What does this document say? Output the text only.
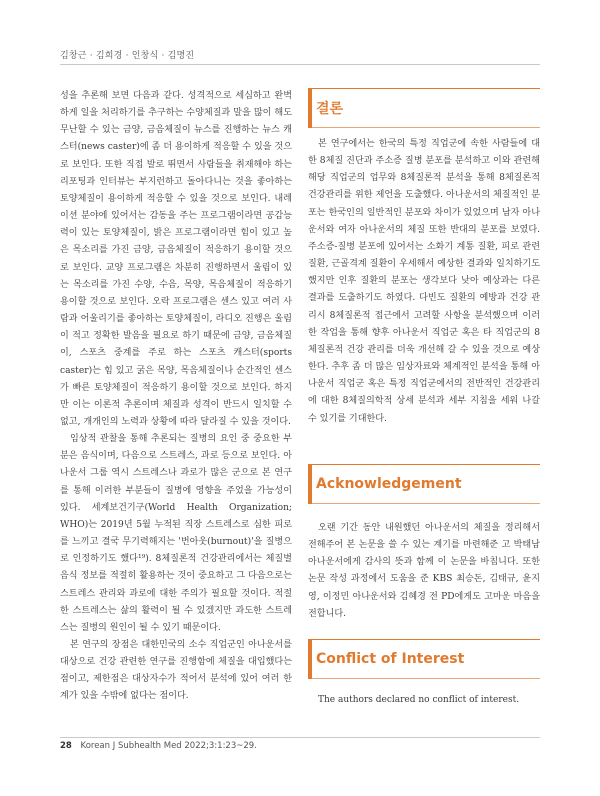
김창근 · 김희경 · 인창식 · 김명진

성을 추론해 보면 다음과 같다. 성격적으로 세심하고 완벽하게 일을 처리하기를 추구하는 수양체질과 말을 많이 해도 무난할 수 있는 금양, 금음체질이 뉴스를 진행하는 뉴스 캐스터(news caster)에 좀 더 용이하게 적응할 수 있을 것으로 보인다. 또한 직접 발로 뛰면서 사람들을 취재해야 하는 리포팅과 인터뷰는 부지런하고 돌아다니는 것을 좋아하는 토양체질이 용이하게 적응할 수 있을 것으로 보인다. 내레이션 분야에 있어서는 감동을 주는 프로그램이라면 공감능력이 있는 토양체질이, 밝은 프로그램이라면 힘이 있고 높은 목소리를 가진 금양, 금음체질이 적응하기 용이할 것으로 보인다. 교양 프로그램은 차분히 진행하면서 울림이 있는 목소리를 가진 수양, 수음, 목양, 목음체질이 적응하기 용이할 것으로 보인다. 오락 프로그램은 센스 있고 여러 사람과 어울리기를 좋아하는 토양체질이, 라디오 진행은 울림이 적고 정확한 발음을 필요로 하기 때문에 금양, 금음체질이, 스포츠 중계를 주로 하는 스포츠 캐스터(sports caster)는 힘 있고 굵은 목양, 목음체질이나 순간적인 센스가 빠른 토양체질이 적응하기 용이할 것으로 보인다. 하지만 이는 이론적 추론이며 체질과 성격이 반드시 일치할 수 없고, 개개인의 노력과 상황에 따라 달라질 수 있을 것이다.

임상적 관찰을 통해 추론되는 질병의 요인 중 중요한 부분은 음식이며, 다음으로 스트레스, 과로 등으로 보인다. 아나운서 그룹 역시 스트레스나 과로가 많은 군으로 본 연구를 통해 이러한 부분들이 질병에 영향을 주었을 가능성이 있다. 세계보건기구(World Health Organization; WHO)는 2019년 5월 누적된 직장 스트레스로 심한 피로를 느끼고 결국 무기력해지는 '번아웃(burnout)'을 질병으로 인정하기도 했다¹⁹). 8체질론적 건강관리에서는 체질별 음식 정보를 적절히 활용하는 것이 중요하고 그 다음으로는 스트레스 관리와 과로에 대한 주의가 필요할 것이다. 적절한 스트레스는 삶의 활력이 될 수 있겠지만 과도한 스트레스는 질병의 원인이 될 수 있기 때문이다.

본 연구의 장점은 대한민국의 소수 직업군인 아나운서를 대상으로 건강 관련한 연구를 진행함에 체질을 대입했다는 점이고, 제한점은 대상자수가 적어서 분석에 있어 여러 한계가 있을 수밖에 없다는 점이다.

결론

본 연구에서는 한국의 특정 직업군에 속한 사람들에 대한 8체질 진단과 주소증 질병 분포를 분석하고 이와 관련해 해당 직업군의 업무와 8체질론적 분석을 통해 8체질론적 건강관리를 위한 제언을 도출했다. 아나운서의 체질적인 분포는 한국인의 일반적인 분포와 차이가 있었으며 남자 아나운서와 여자 아나운서의 체질 또한 반대의 분포를 보였다. 주소증-질병 분포에 있어서는 소화기 계통 질환, 피로 관련 질환, 근골격계 질환이 우세해서 예상한 결과와 일치하기도 했지만 인후 질환의 분포는 생각보다 낮아 예상과는 다른 결과를 도출하기도 하였다. 다빈도 질환의 예방과 건강 관리시 8체질론적 접근에서 고려할 사항을 분석했으며 이러한 작업을 통해 향후 아나운서 직업군 혹은 타 직업군의 8체질론적 건강 관리를 더욱 개선해 갈 수 있을 것으로 예상한다. 추후 좀 더 많은 임상자료와 체계적인 분석을 통해 아나운서 직업군 혹은 특정 직업군에서의 전반적인 건강관리에 대한 8체질의학적 상세 분석과 세부 지침을 세워 나갈 수 있기를 기대한다.

Acknowledgement

오랜 기간 동안 내원했던 아나운서의 체질을 정리해서 전해주어 본 논문을 쓸 수 있는 계기를 마련해준 고 박태남 아나운서에게 감사의 뜻과 함께 이 논문을 바칩니다. 또한 논문 작성 과정에서 도움을 준 KBS 최승돈, 김태규, 윤지영, 이정민 아나운서와 김혜경 전 PD에게도 고마운 마음을 전합니다.

Conflict of Interest

The authors declared no conflict of interest.

28 Korean J Subhealth Med 2022;3:1:23~29.
